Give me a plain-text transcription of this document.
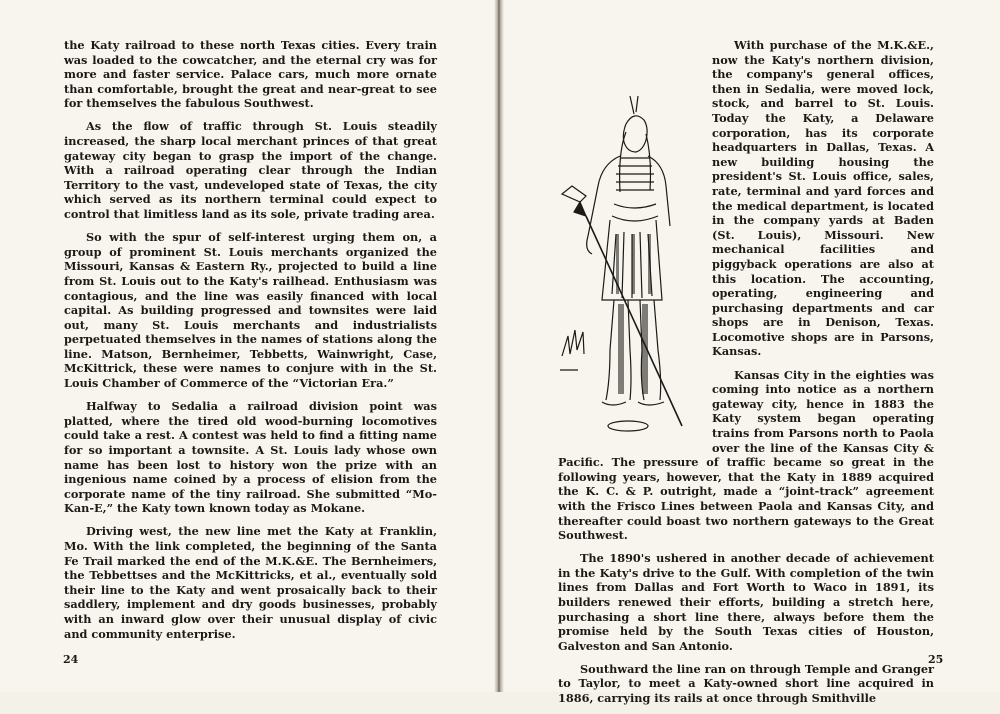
the Katy railroad to these north Texas cities. Every train was loaded to the cowcatcher, and the eternal cry was for more and faster service. Palace cars, much more ornate than comfortable, brought the great and near-great to see for themselves the fabulous Southwest.

As the flow of traffic through St. Louis steadily increased, the sharp local merchant princes of that great gateway city began to grasp the import of the change. With a railroad operating clear through the Indian Territory to the vast, undeveloped state of Texas, the city which served as its northern terminal could expect to control that limitless land as its sole, private trading area.

So with the spur of self-interest urging them on, a group of prominent St. Louis merchants organized the Missouri, Kansas & Eastern Ry., projected to build a line from St. Louis out to the Katy's railhead. Enthusiasm was contagious, and the line was easily financed with local capital. As building progressed and townsites were laid out, many St. Louis merchants and industrialists perpetuated themselves in the names of stations along the line. Matson, Bernheimer, Tebbetts, Wainwright, Case, McKittrick, these were names to conjure with in the St. Louis Chamber of Commerce of the “Victorian Era.”

Halfway to Sedalia a railroad division point was platted, where the tired old wood-burning locomotives could take a rest. A contest was held to find a fitting name for so important a townsite. A St. Louis lady whose own name has been lost to history won the prize with an ingenious name coined by a process of elision from the corporate name of the tiny railroad. She submitted “Mo-Kan-E,” the Katy town known today as Mokane.

Driving west, the new line met the Katy at Franklin, Mo. With the link completed, the beginning of the Santa Fe Trail marked the end of the M.K.&E. The Bernheimers, the Tebbettses and the McKittricks, et al., eventually sold their line to the Katy and went prosaically back to their saddlery, implement and dry goods businesses, probably with an inward glow over their unusual display of civic and community enterprise.

24

With purchase of the M.K.&E., now the Katy's northern division, the company's general offices, then in Sedalia, were moved lock, stock, and barrel to St. Louis. Today the Katy, a Delaware corporation, has its corporate headquarters in Dallas, Texas. A new building housing the president's St. Louis office, sales, rate, terminal and yard forces and the medical department, is located in the company yards at Baden (St. Louis), Missouri. New mechanical facilities and piggyback operations are also at this location. The accounting, operating, engineering and purchasing departments and car shops are in Denison, Texas. Locomotive shops are in Parsons, Kansas.

Kansas City in the eighties was coming into notice as a northern gateway city, hence in 1883 the Katy system began operating trains from Parsons north to Paola over the line of the Kansas City & Pacific. The pressure of traffic became so great in the following years, however, that the Katy in 1889 acquired the K. C. & P. outright, made a “joint-track” agreement with the Frisco Lines between Paola and Kansas City, and thereafter could boast two northern gateways to the Great Southwest.

The 1890's ushered in another decade of achievement in the Katy's drive to the Gulf. With completion of the twin lines from Dallas and Fort Worth to Waco in 1891, its builders renewed their efforts, building a stretch here, purchasing a short line there, always before them the promise held by the South Texas cities of Houston, Galveston and San Antonio.

Southward the line ran on through Temple and Granger to Taylor, to meet a Katy-owned short line acquired in 1886, carrying its rails at once through Smithville

25
